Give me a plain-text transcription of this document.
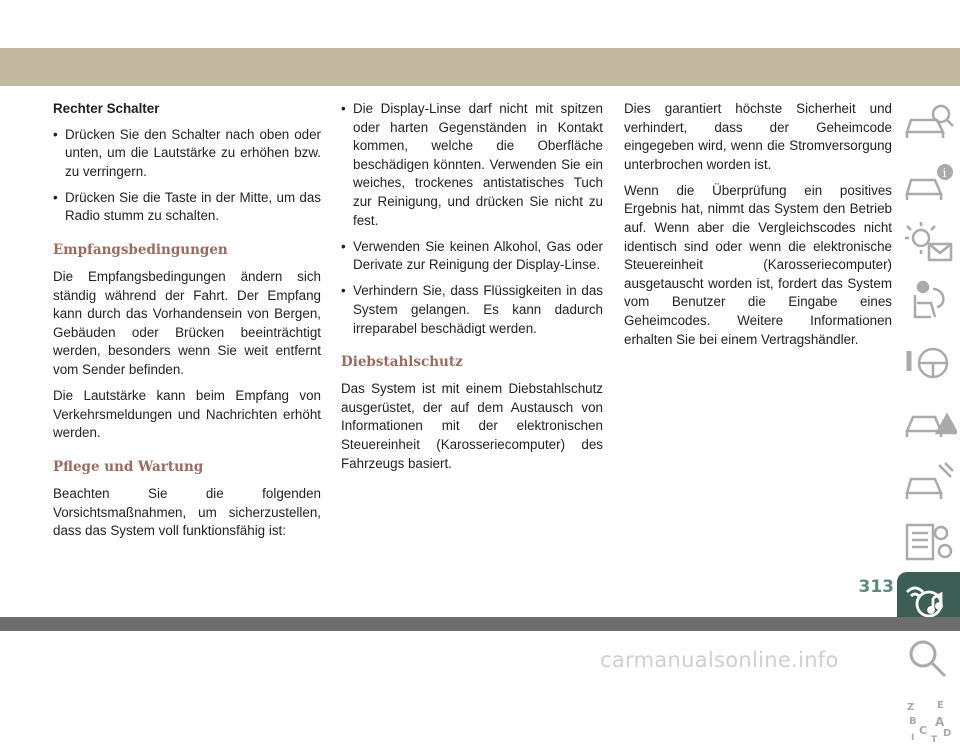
Rechter Schalter

• Drücken Sie den Schalter nach oben oder unten, um die Lautstärke zu erhöhen bzw. zu verringern.

• Drücken Sie die Taste in der Mitte, um das Radio stumm zu schalten.

Empfangsbedingungen

Die Empfangsbedingungen ändern sich ständig während der Fahrt. Der Empfang kann durch das Vorhandensein von Bergen, Gebäuden oder Brücken beeinträchtigt werden, besonders wenn Sie weit entfernt vom Sender befinden.

Die Lautstärke kann beim Empfang von Verkehrsmeldungen und Nachrichten erhöht werden.

Pflege und Wartung

Beachten Sie die folgenden Vorsichtsmaßnahmen, um sicherzustellen, dass das System voll funktionsfähig ist:

• Die Display-Linse darf nicht mit spitzen oder harten Gegenständen in Kontakt kommen, welche die Oberfläche beschädigen könnten. Verwenden Sie ein weiches, trockenes antistatisches Tuch zur Reinigung, und drücken Sie nicht zu fest.

• Verwenden Sie keinen Alkohol, Gas oder Derivate zur Reinigung der Display-Linse.

• Verhindern Sie, dass Flüssigkeiten in das System gelangen. Es kann dadurch irreparabel beschädigt werden.

Diebstahlschutz

Das System ist mit einem Diebstahlschutz ausgerüstet, der auf dem Austausch von Informationen mit der elektronischen Steuereinheit (Karosseriecomputer) des Fahrzeugs basiert.

Dies garantiert höchste Sicherheit und verhindert, dass der Geheimcode eingegeben wird, wenn die Stromversorgung unterbrochen worden ist.

Wenn die Überprüfung ein positives Ergebnis hat, nimmt das System den Betrieb auf. Wenn aber die Vergleichscodes nicht identisch sind oder wenn die elektronische Steuereinheit (Karosseriecomputer) ausgetauscht worden ist, fordert das System vom Benutzer die Eingabe eines Geheimcodes. Weitere Informationen erhalten Sie bei einem Vertragshändler.

i
Z E
B A
C D
I T
313
carmanualsonline.info
